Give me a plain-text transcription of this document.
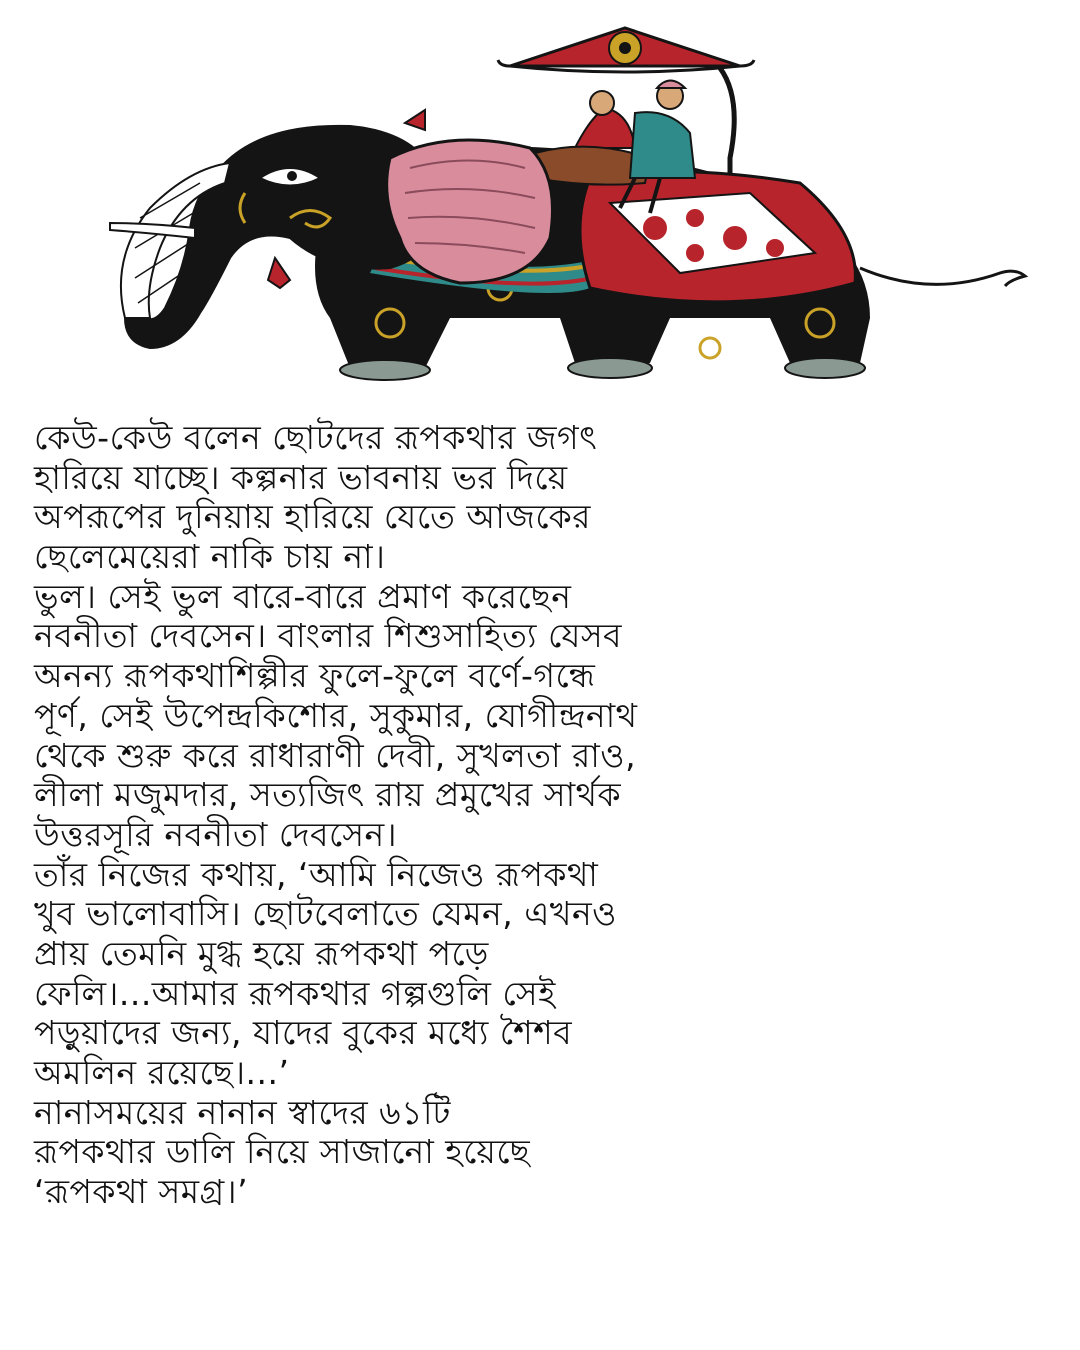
কেউ-কেউ বলেন ছোটদের রূপকথার জগৎ
হারিয়ে যাচ্ছে। কল্পনার ভাবনায় ভর দিয়ে
অপরূপের দুনিয়ায় হারিয়ে যেতে আজকের
ছেলেমেয়েরা নাকি চায় না।
ভুল। সেই ভুল বারে-বারে প্রমাণ করেছেন
নবনীতা দেবসেন। বাংলার শিশুসাহিত্য যেসব
অনন্য রূপকথাশিল্পীর ফুলে-ফুলে বর্ণে-গন্ধে
পূর্ণ, সেই উপেন্দ্রকিশোর, সুকুমার, যোগীন্দ্রনাথ
থেকে শুরু করে রাধারাণী দেবী, সুখলতা রাও,
লীলা মজুমদার, সত্যজিৎ রায় প্রমুখের সার্থক
উত্তরসূরি নবনীতা দেবসেন।
তাঁর নিজের কথায়, ‘আমি নিজেও রূপকথা
খুব ভালোবাসি। ছোটবেলাতে যেমন, এখনও
প্রায় তেমনি মুগ্ধ হয়ে রূপকথা পড়ে
ফেলি।...আমার রূপকথার গল্পগুলি সেই
পড়ুয়াদের জন্য, যাদের বুকের মধ্যে শৈশব
অমলিন রয়েছে।...’
নানাসময়ের নানান স্বাদের ৬১টি
রূপকথার ডালি নিয়ে সাজানো হয়েছে
‘রূপকথা সমগ্র।’
